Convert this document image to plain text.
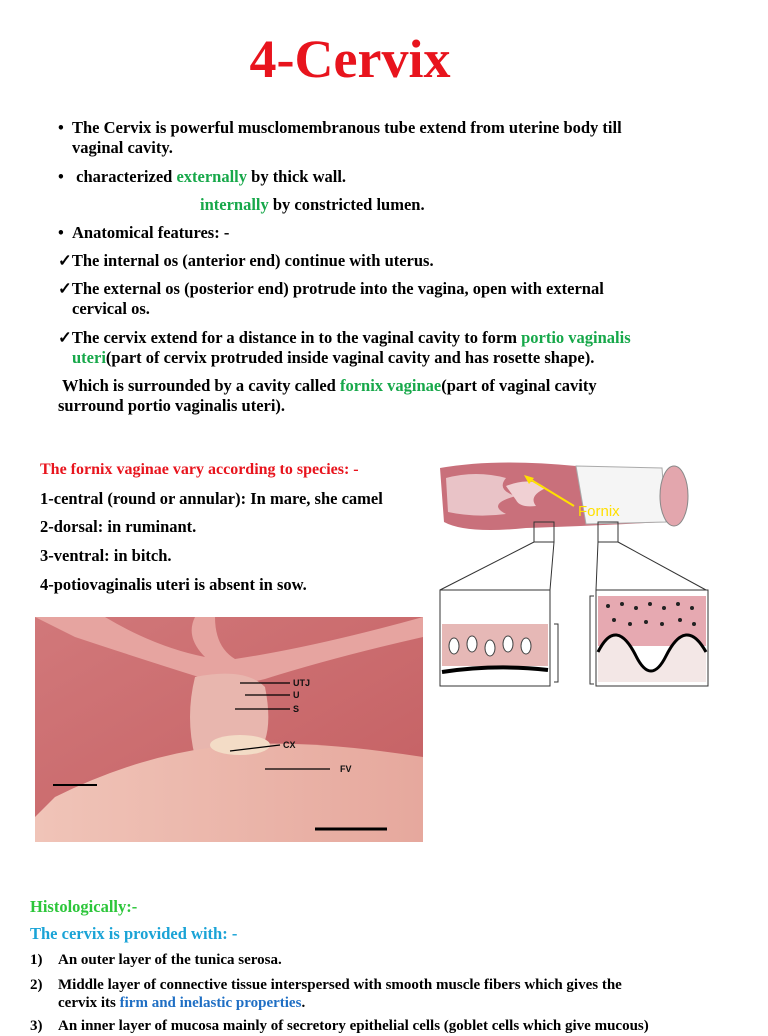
4-Cervix
• The Cervix is powerful musclomembranous tube extend from uterine body till
vaginal cavity.
• characterized externally by thick wall.
internally by constricted lumen.
• Anatomical features: -
✓The internal os (anterior end) continue with uterus.
✓The external os (posterior end) protrude into the vagina, open with external
cervical os.
✓The cervix extend for a distance in to the vaginal cavity to form portio vaginalis
uteri(part of cervix protruded inside vaginal cavity and has rosette shape).
Which is surrounded by a cavity called fornix vaginae(part of vaginal cavity
surround portio vaginalis uteri).
The fornix vaginae vary according to species: -
1-central (round or annular): In mare, she camel
2-dorsal: in ruminant.
3-ventral: in bitch.
4-potiovaginalis uteri is absent in sow.
Fornix
UTJ
U
S
CX
FV
Histologically:-
The cervix is provided with: -
1) An outer layer of the tunica serosa.
2) Middle layer of connective tissue interspersed with smooth muscle fibers which gives the
cervix its firm and inelastic properties.
3) An inner layer of mucosa mainly of secretory epithelial cells (goblet cells which give mucous)
